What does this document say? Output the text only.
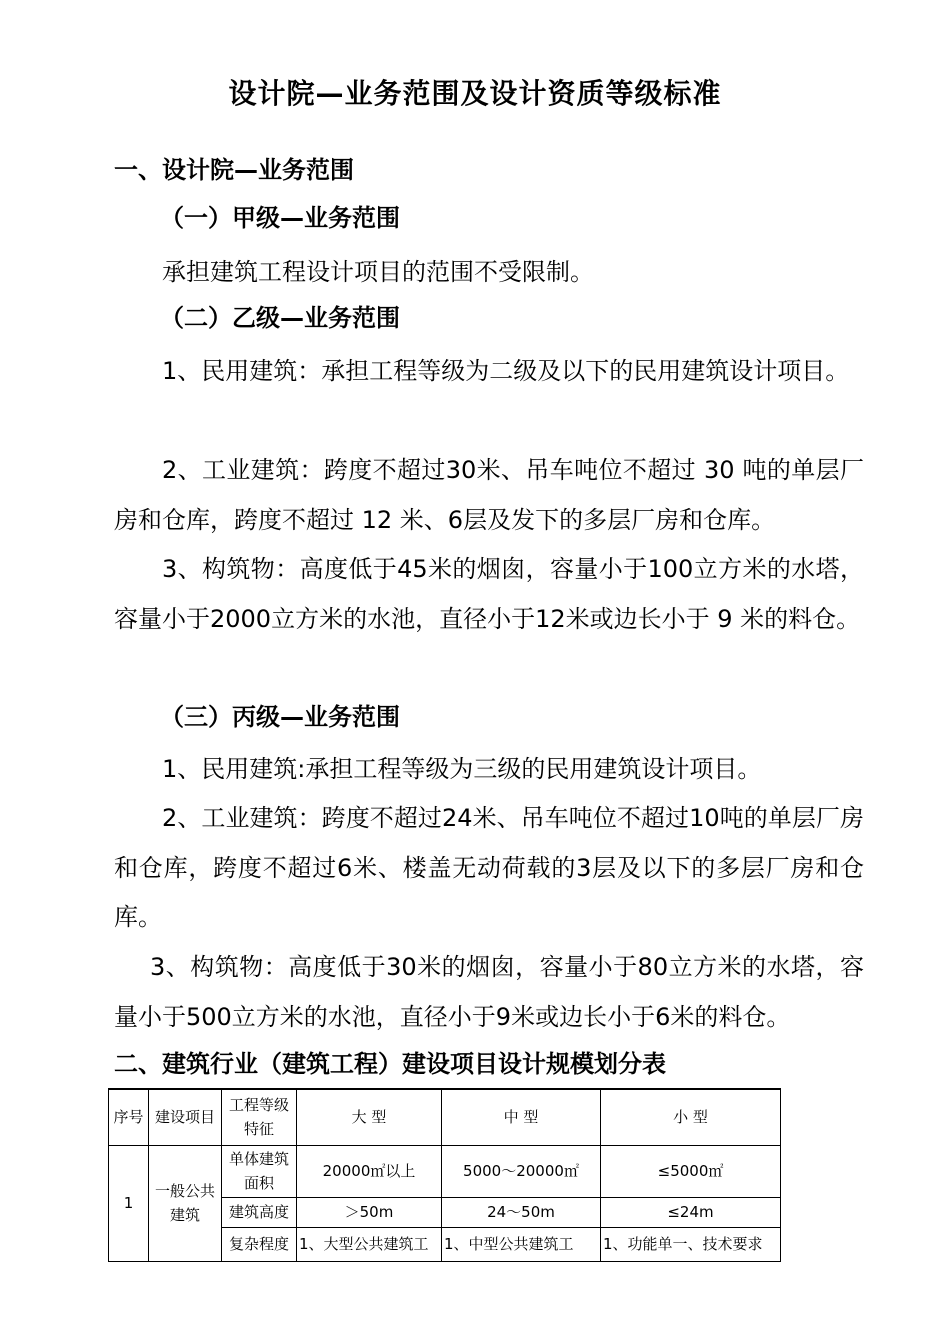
设计院—业务范围及设计资质等级标准
一、设计院—业务范围
（一）甲级—业务范围

承担建筑工程设计项目的范围不受限制。

（二）乙级—业务范围

1、民用建筑：承担工程等级为二级及以下的民用建筑设计项目。

2、工业建筑：跨度不超过30米、吊车吨位不超过 30 吨的单层厂房和仓库，跨度不超过 12 米、6层及发下的多层厂房和仓库。

3、构筑物：高度低于45米的烟囱，容量小于100立方米的水塔，容量小于2000立方米的水池，直径小于12米或边长小于 9 米的料仓。

（三）丙级—业务范围

1、民用建筑:承担工程等级为三级的民用建筑设计项目。

2、工业建筑：跨度不超过24米、吊车吨位不超过10吨的单层厂房和仓库，跨度不超过6米、楼盖无动荷载的3层及以下的多层厂房和仓库。

3、构筑物：高度低于30米的烟囱，容量小于80立方米的水塔，容量小于500立方米的水池，直径小于9米或边长小于6米的料仓。

二、建筑行业（建筑工程）建设项目设计规模划分表
序号	建设项目	工程等级特征	大 型	中 型	小 型
1	一般公共建筑	单体建筑面积	20000㎡以上	5000～20000㎡	≤5000㎡
		建筑高度	＞50m	24～50m	≤24m
		复杂程度	1、大型公共建筑工	1、中型公共建筑工	1、功能单一、技术要求
